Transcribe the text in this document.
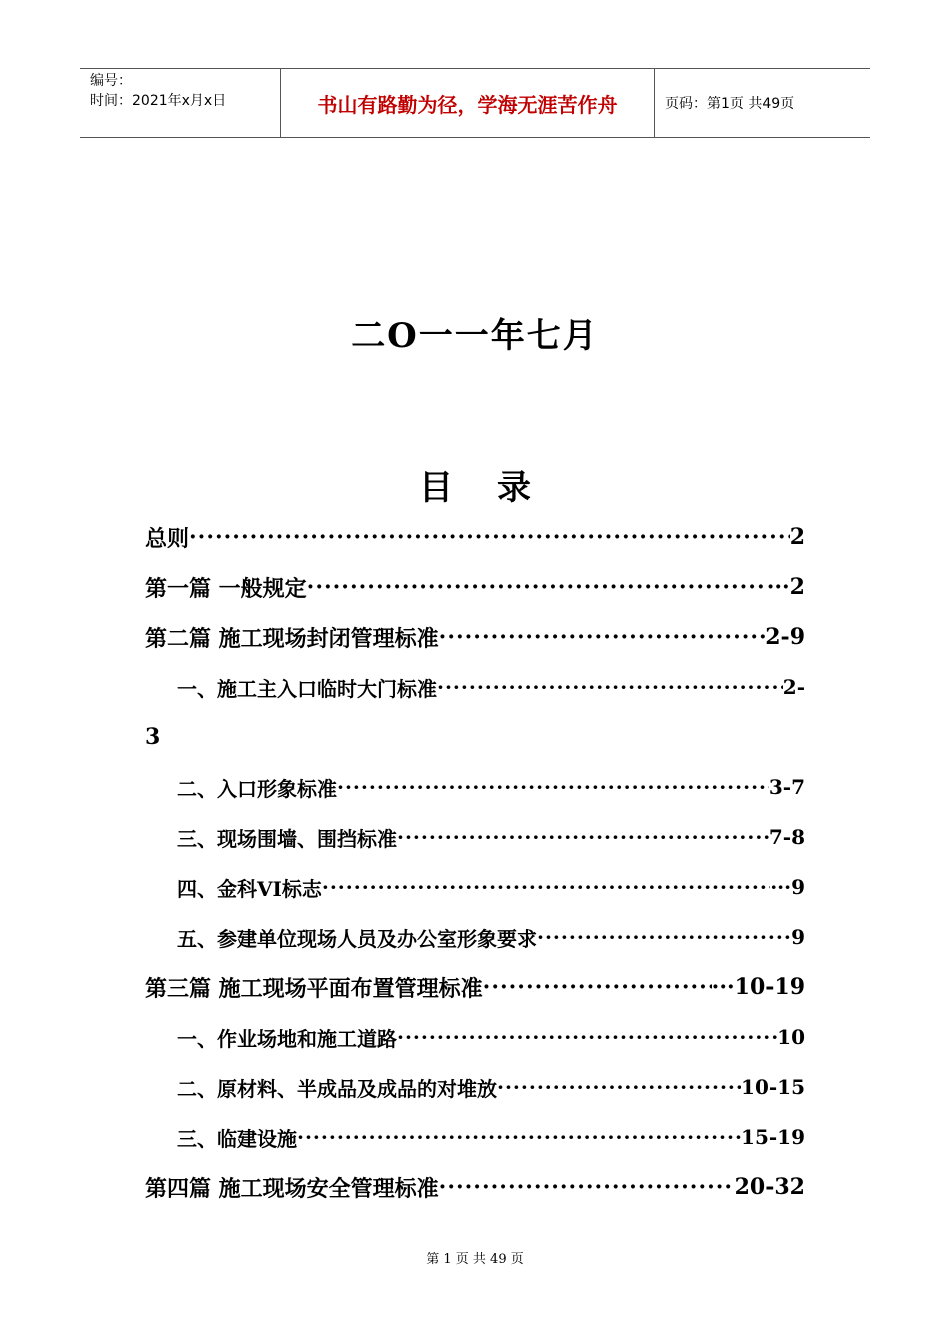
编号：
时间：2021年x月x日	书山有路勤为径，学海无涯苦作舟	页码：第1页 共49页
二O一一年七月
目 录
总则 ·····	2
第一篇 一般规定 ·····	···2
第二篇 施工现场封闭管理标准 ·····	2-9
一、施工主入口临时大门标准 ·····	2-
3
二、入口形象标准 ·····	3-7
三、现场围墙、围挡标准 ·····	7-8
四、金科VI标志 ·····	···9
五、参建单位现场人员及办公室形象要求 ·····	9
第三篇 施工现场平面布置管理标准 ·····	···10-19
一、作业场地和施工道路 ·····	10
二、原材料、半成品及成品的对堆放 ·····	10-15
三、临建设施 ·····	15-19
第四篇 施工现场安全管理标准 ·····	20-32
第 1 页 共 49 页
